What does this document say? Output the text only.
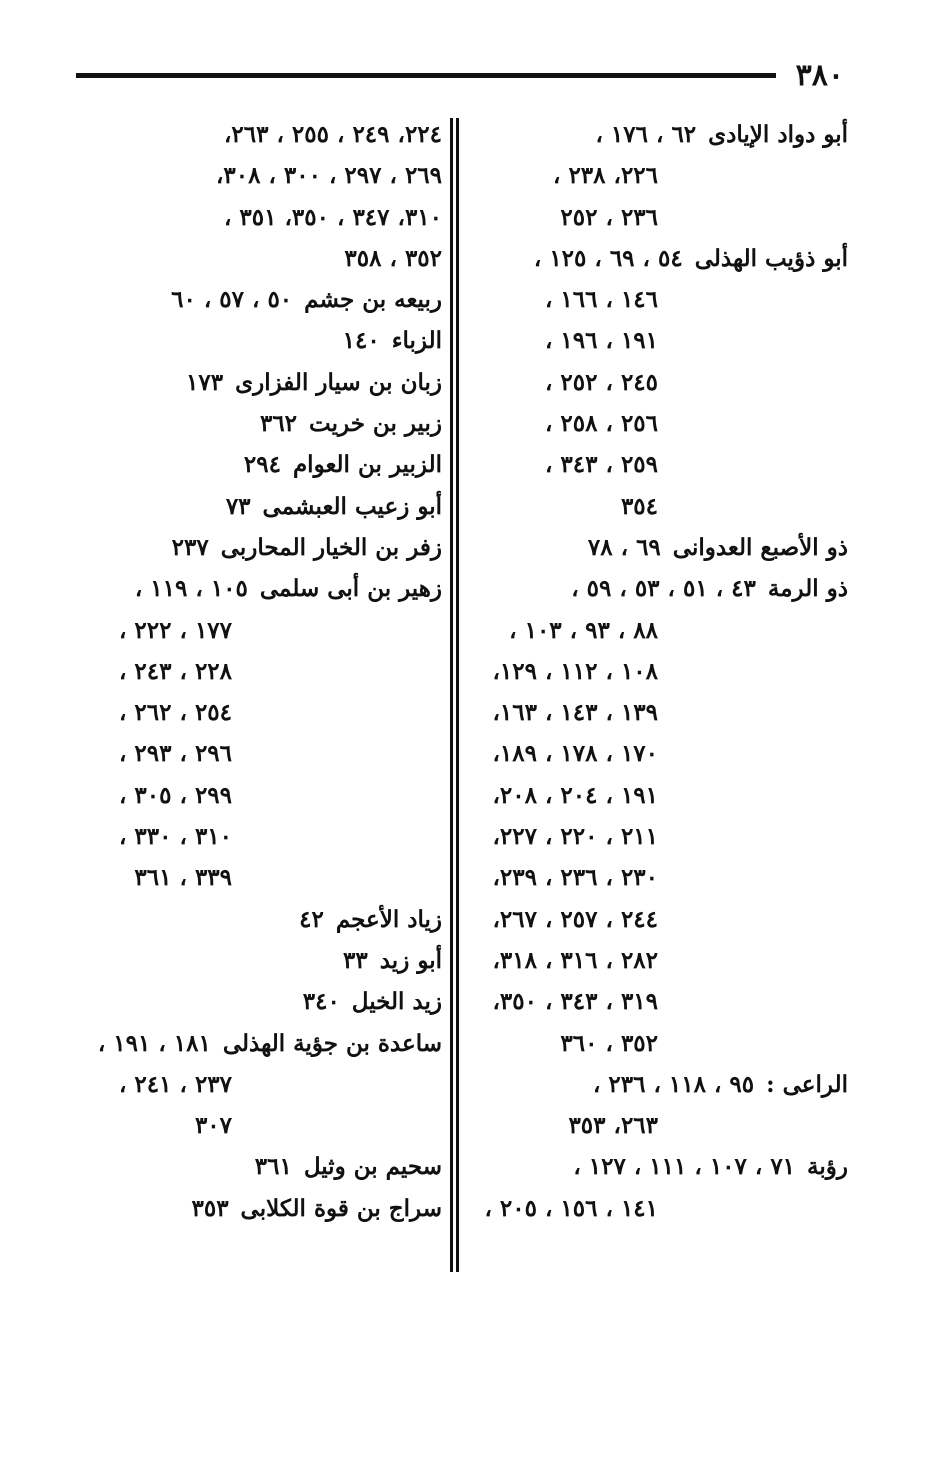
٣٨٠
أبو دواد الإيادى٦٢ ، ١٧٦ ،
٢٢٦، ٢٣٨ ،
٢٣٦ ، ٢٥٢
أبو ذؤيب الهذلى٥٤ ، ٦٩ ، ١٢٥ ،
١٤٦ ، ١٦٦ ،
١٩١ ، ١٩٦ ،
٢٤٥ ، ٢٥٢ ،
٢٥٦ ، ٢٥٨ ،
٢٥٩ ، ٣٤٣ ،
٣٥٤
ذو الأصبع العدوانى٦٩ ، ٧٨
ذو الرمة٤٣ ، ٥١ ، ٥٣ ، ٥٩ ،
٨٨ ، ٩٣ ، ١٠٣ ،
١٠٨ ، ١١٢ ، ١٢٩،
١٣٩ ، ١٤٣ ، ١٦٣،
١٧٠ ، ١٧٨ ، ١٨٩،
١٩١ ، ٢٠٤ ، ٢٠٨،
٢١١ ، ٢٢٠ ، ٢٢٧،
٢٣٠ ، ٢٣٦ ، ٢٣٩،
٢٤٤ ، ٢٥٧ ، ٢٦٧،
٢٨٢ ، ٣١٦ ، ٣١٨،
٣١٩ ، ٣٤٣ ، ٣٥٠،
٣٥٢ ، ٣٦٠
الراعى :٩٥ ، ١١٨ ، ٢٣٦ ،
٢٦٣، ٣٥٣
رؤبة٧١ ، ١٠٧ ، ١١١ ، ١٢٧ ،
١٤١ ، ١٥٦ ، ٢٠٥ ،
٢٢٤، ٢٤٩ ، ٢٥٥ ، ٢٦٣،
٢٦٩ ، ٢٩٧ ، ٣٠٠ ، ٣٠٨،
٣١٠، ٣٤٧ ، ٣٥٠، ٣٥١ ،
٣٥٢ ، ٣٥٨
ربيعه بن جشم٥٠ ، ٥٧ ، ٦٠
الزباء١٤٠
زبان بن سيار الفزارى١٧٣
زبير بن خريت٣٦٢
الزبير بن العوام٢٩٤
أبو زعيب العبشمى٧٣
زفر بن الخيار المحاربى٢٣٧
زهير بن أبى سلمى١٠٥ ، ١١٩ ،
١٧٧ ، ٢٢٢ ،
٢٢٨ ، ٢٤٣ ،
٢٥٤ ، ٢٦٢ ،
٢٩٦ ، ٢٩٣ ،
٢٩٩ ، ٣٠٥ ،
٣١٠ ، ٣٣٠ ،
٣٣٩ ، ٣٦١
زياد الأعجم٤٢
أبو زيد٣٣
زيد الخيل٣٤٠
ساعدة بن جؤية الهذلى١٨١ ، ١٩١ ،
٢٣٧ ، ٢٤١ ،
٣٠٧
سحيم بن وثيل٣٦١
سراج بن قوة الكلابى٣٥٣
